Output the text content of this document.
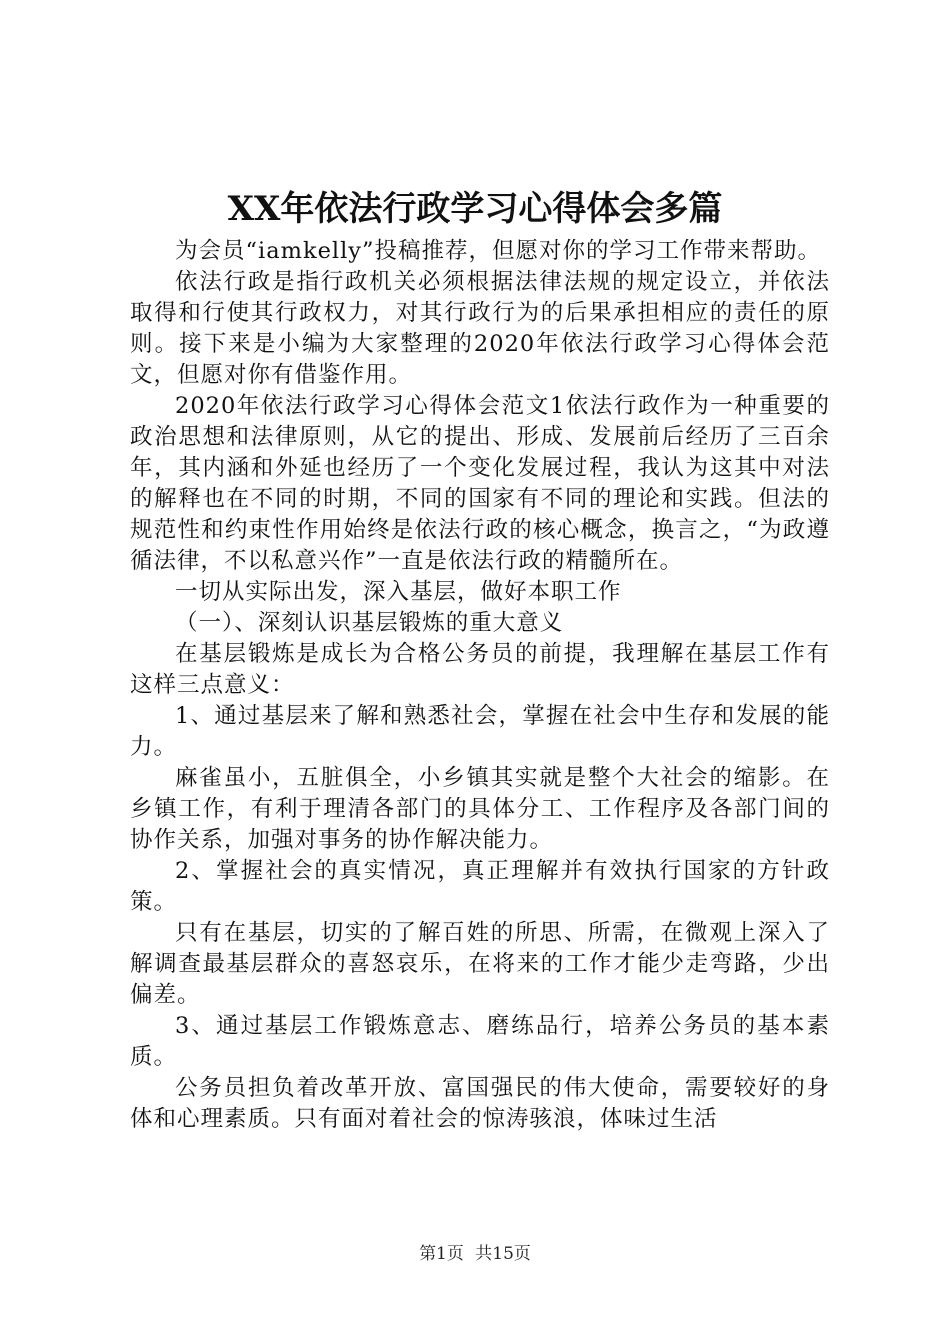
XX年依法行政学习心得体会多篇

为会员“iamkelly”投稿推荐，但愿对你的学习工作带来帮助。

依法行政是指行政机关必须根据法律法规的规定设立，并依法取得和行使其行政权力，对其行政行为的后果承担相应的责任的原则。接下来是小编为大家整理的2020年依法行政学习心得体会范文，但愿对你有借鉴作用。

2020年依法行政学习心得体会范文1依法行政作为一种重要的政治思想和法律原则，从它的提出、形成、发展前后经历了三百余年，其内涵和外延也经历了一个变化发展过程，我认为这其中对法的解释也在不同的时期，不同的国家有不同的理论和实践。但法的规范性和约束性作用始终是依法行政的核心概念，换言之，“为政遵循法律，不以私意兴作”一直是依法行政的精髓所在。

一切从实际出发，深入基层，做好本职工作

（一）、深刻认识基层锻炼的重大意义

在基层锻炼是成长为合格公务员的前提，我理解在基层工作有这样三点意义：

1、通过基层来了解和熟悉社会，掌握在社会中生存和发展的能力。

麻雀虽小，五脏俱全，小乡镇其实就是整个大社会的缩影。在乡镇工作，有利于理清各部门的具体分工、工作程序及各部门间的协作关系，加强对事务的协作解决能力。

2、掌握社会的真实情况，真正理解并有效执行国家的方针政策。

只有在基层，切实的了解百姓的所思、所需，在微观上深入了解调查最基层群众的喜怒哀乐，在将来的工作才能少走弯路，少出偏差。

3、通过基层工作锻炼意志、磨练品行，培养公务员的基本素质。

公务员担负着改革开放、富国强民的伟大使命，需要较好的身体和心理素质。只有面对着社会的惊涛骇浪，体味过生活

第1页 共15页
